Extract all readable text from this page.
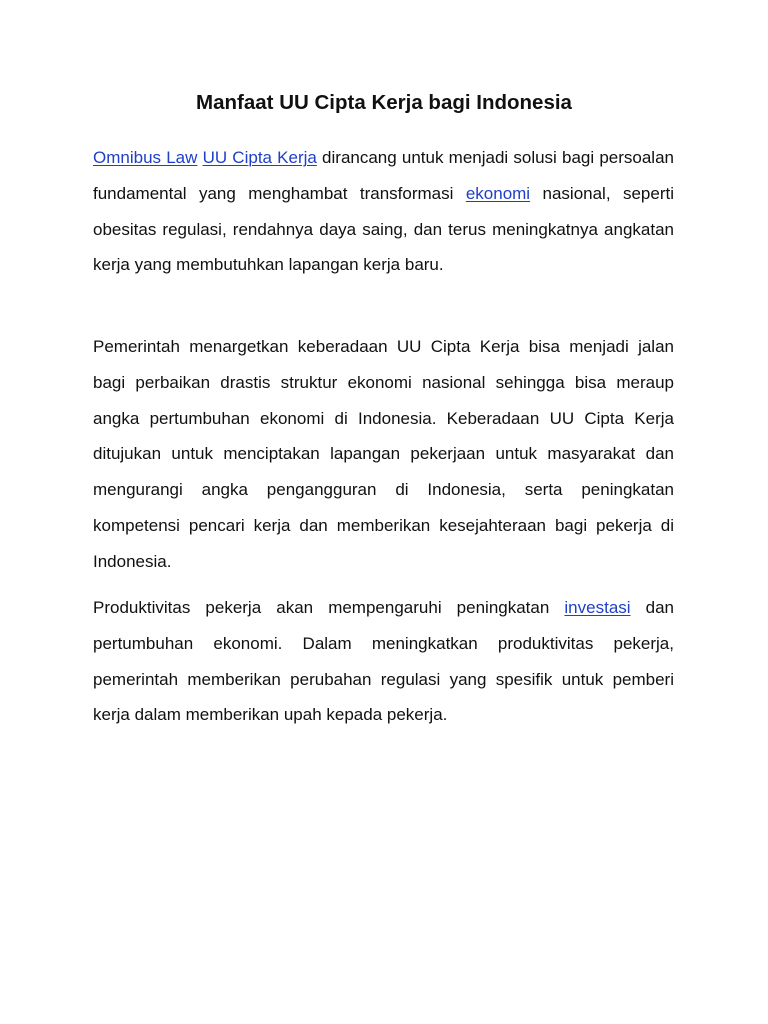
Manfaat UU Cipta Kerja bagi Indonesia

Omnibus Law UU Cipta Kerja dirancang untuk menjadi solusi bagi persoalan fundamental yang menghambat transformasi ekonomi nasional, seperti obesitas regulasi, rendahnya daya saing, dan terus meningkatnya angkatan kerja yang membutuhkan lapangan kerja baru.

Pemerintah menargetkan keberadaan UU Cipta Kerja bisa menjadi jalan bagi perbaikan drastis struktur ekonomi nasional sehingga bisa meraup angka pertumbuhan ekonomi di Indonesia. Keberadaan UU Cipta Kerja ditujukan untuk menciptakan lapangan pekerjaan untuk masyarakat dan mengurangi angka pengangguran di Indonesia, serta peningkatan kompetensi pencari kerja dan memberikan kesejahteraan bagi pekerja di Indonesia.

Produktivitas pekerja akan mempengaruhi peningkatan investasi dan pertumbuhan ekonomi. Dalam meningkatkan produktivitas pekerja, pemerintah memberikan perubahan regulasi yang spesifik untuk pemberi kerja dalam memberikan upah kepada pekerja.
